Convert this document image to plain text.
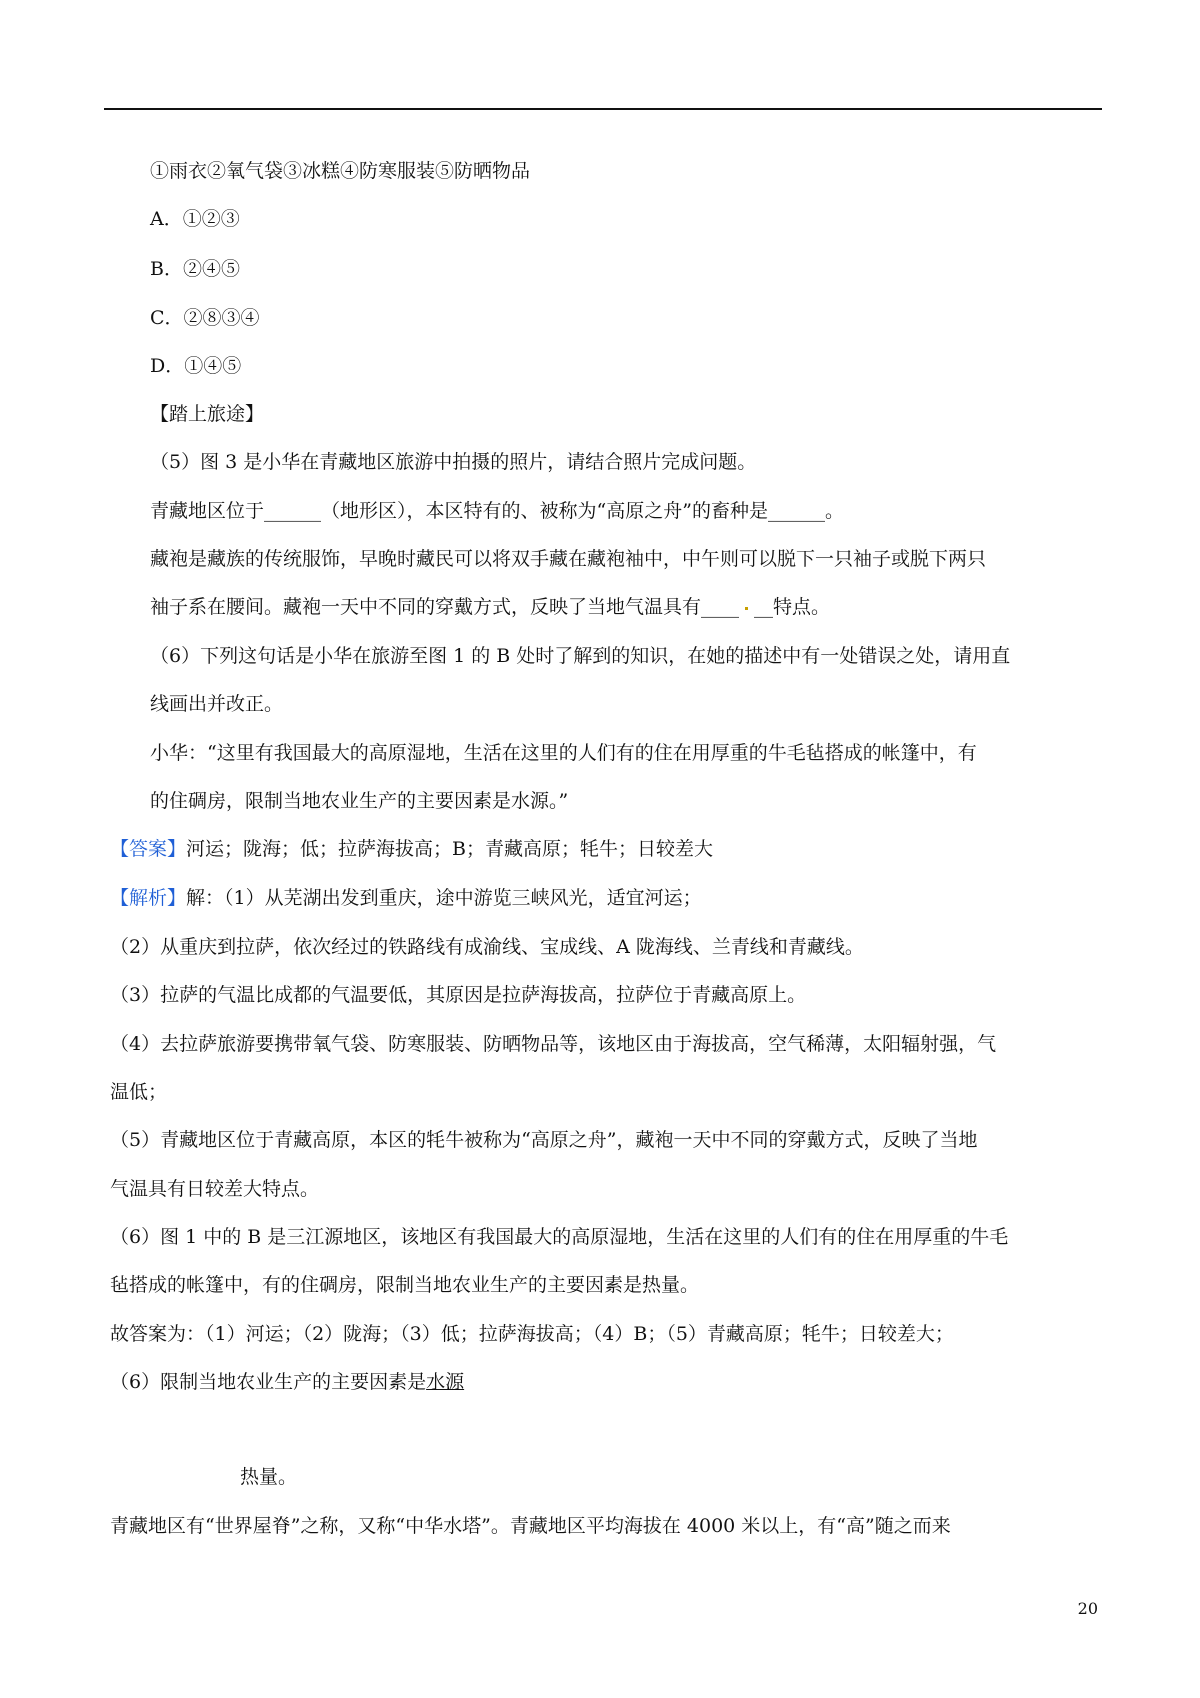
①雨衣②氧气袋③冰糕④防寒服装⑤防晒物品
A．①②③
B．②④⑤
C．②⑧③④
D．①④⑤
【踏上旅途】
（5）图 3 是小华在青藏地区旅游中拍摄的照片，请结合照片完成问题。
青藏地区位于______（地形区），本区特有的、被称为“高原之舟”的畜种是______。
藏袍是藏族的传统服饰，早晚时藏民可以将双手藏在藏袍袖中，中午则可以脱下一只袖子或脱下两只
袖子系在腰间。藏袍一天中不同的穿戴方式，反映了当地气温具有____ __特点。
（6）下列这句话是小华在旅游至图 1 的 B 处时了解到的知识，在她的描述中有一处错误之处，请用直
线画出并改正。
小华：“这里有我国最大的高原湿地，生活在这里的人们有的住在用厚重的牛毛毡搭成的帐篷中，有
的住碉房，限制当地农业生产的主要因素是水源。”
【答案】河运；陇海；低；拉萨海拔高；B；青藏高原；牦牛；日较差大
【解析】解：（1）从芜湖出发到重庆，途中游览三峡风光，适宜河运；
（2）从重庆到拉萨，依次经过的铁路线有成渝线、宝成线、A 陇海线、兰青线和青藏线。
（3）拉萨的气温比成都的气温要低，其原因是拉萨海拔高，拉萨位于青藏高原上。
（4）去拉萨旅游要携带氧气袋、防寒服装、防晒物品等，该地区由于海拔高，空气稀薄，太阳辐射强，气
温低；
（5）青藏地区位于青藏高原，本区的牦牛被称为“高原之舟”，藏袍一天中不同的穿戴方式，反映了当地
气温具有日较差大特点。
（6）图 1 中的 B 是三江源地区，该地区有我国最大的高原湿地，生活在这里的人们有的住在用厚重的牛毛
毡搭成的帐篷中，有的住碉房，限制当地农业生产的主要因素是热量。
故答案为：（1）河运；（2）陇海；（3）低；拉萨海拔高；（4）B；（5）青藏高原；牦牛；日较差大；
（6）限制当地农业生产的主要因素是水源
热量。
青藏地区有“世界屋脊”之称，又称“中华水塔”。青藏地区平均海拔在 4000 米以上，有“高”随之而来
20
